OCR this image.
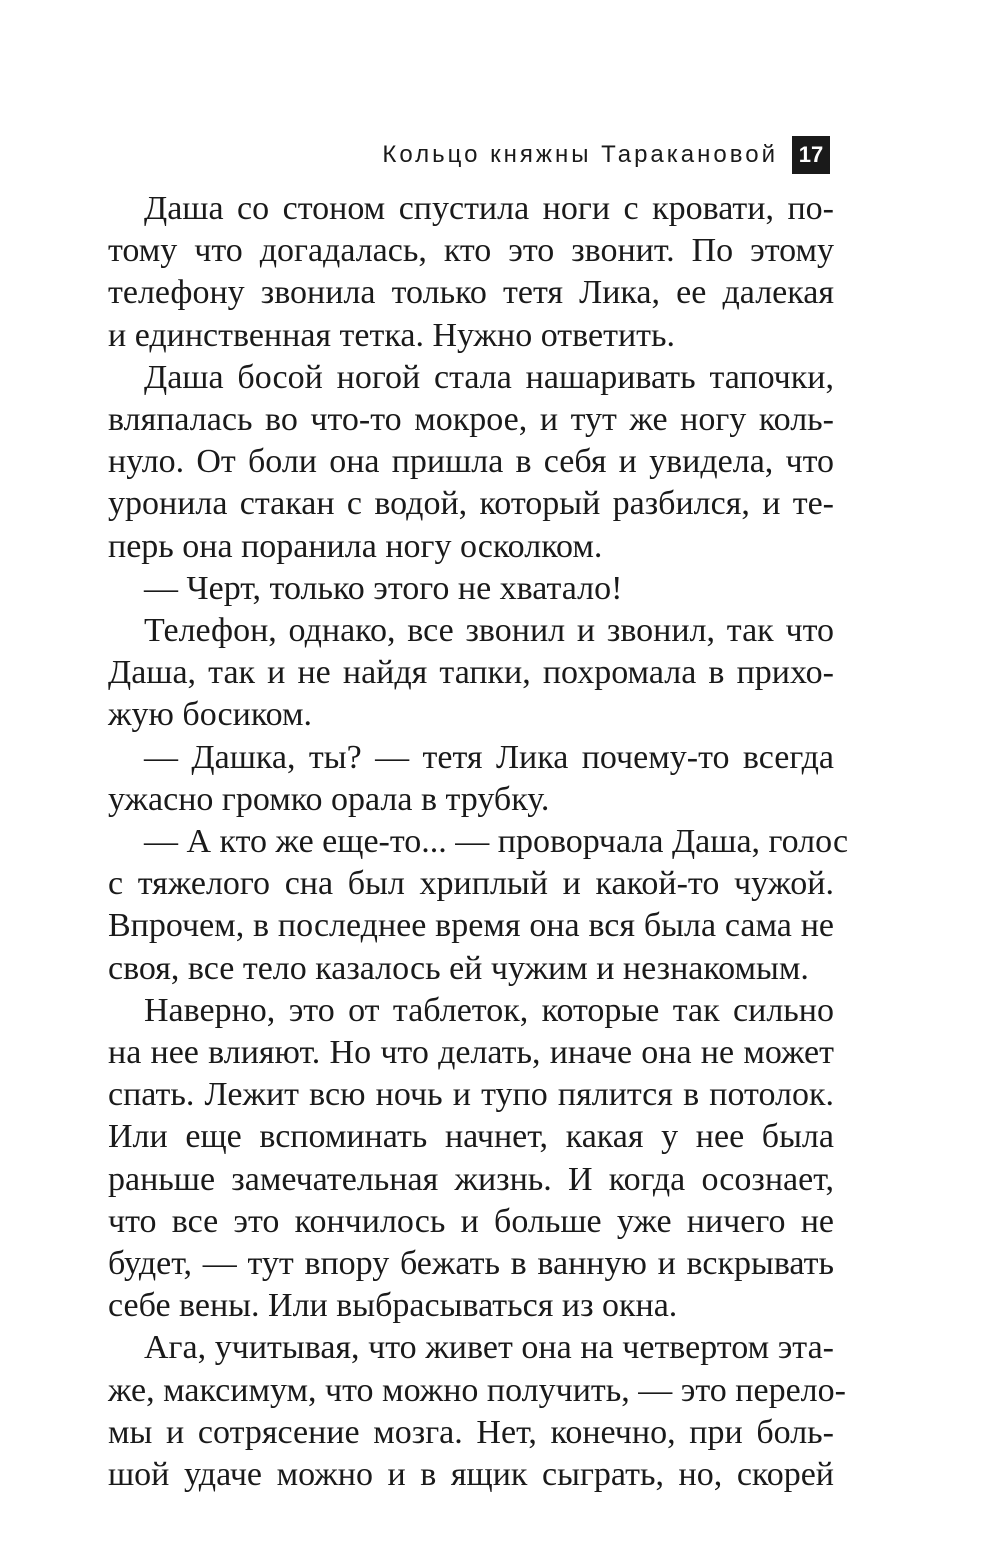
Кольцо княжны Таракановой 17
Даша со стоном спустила ноги с кровати, по-
тому что догадалась, кто это звонит. По этому
телефону звонила только тетя Лика, ее далекая
и единственная тетка. Нужно ответить.
Даша босой ногой стала нашаривать тапочки,
вляпалась во что-то мокрое, и тут же ногу коль-
нуло. От боли она пришла в себя и увидела, что
уронила стакан с водой, который разбился, и те-
перь она поранила ногу осколком.
— Черт, только этого не хватало!
Телефон, однако, все звонил и звонил, так что
Даша, так и не найдя тапки, похромала в прихо-
жую босиком.
— Дашка, ты? — тетя Лика почему-то всегда
ужасно громко орала в трубку.
— А кто же еще-то... — проворчала Даша, голос
с тяжелого сна был хриплый и какой-то чужой.
Впрочем, в последнее время она вся была сама не
своя, все тело казалось ей чужим и незнакомым.
Наверно, это от таблеток, которые так сильно
на нее влияют. Но что делать, иначе она не может
спать. Лежит всю ночь и тупо пялится в потолок.
Или еще вспоминать начнет, какая у нее была
раньше замечательная жизнь. И когда осознает,
что все это кончилось и больше уже ничего не
будет, — тут впору бежать в ванную и вскрывать
себе вены. Или выбрасываться из окна.
Ага, учитывая, что живет она на четвертом эта-
же, максимум, что можно получить, — это перело-
мы и сотрясение мозга. Нет, конечно, при боль-
шой удаче можно и в ящик сыграть, но, скорей
